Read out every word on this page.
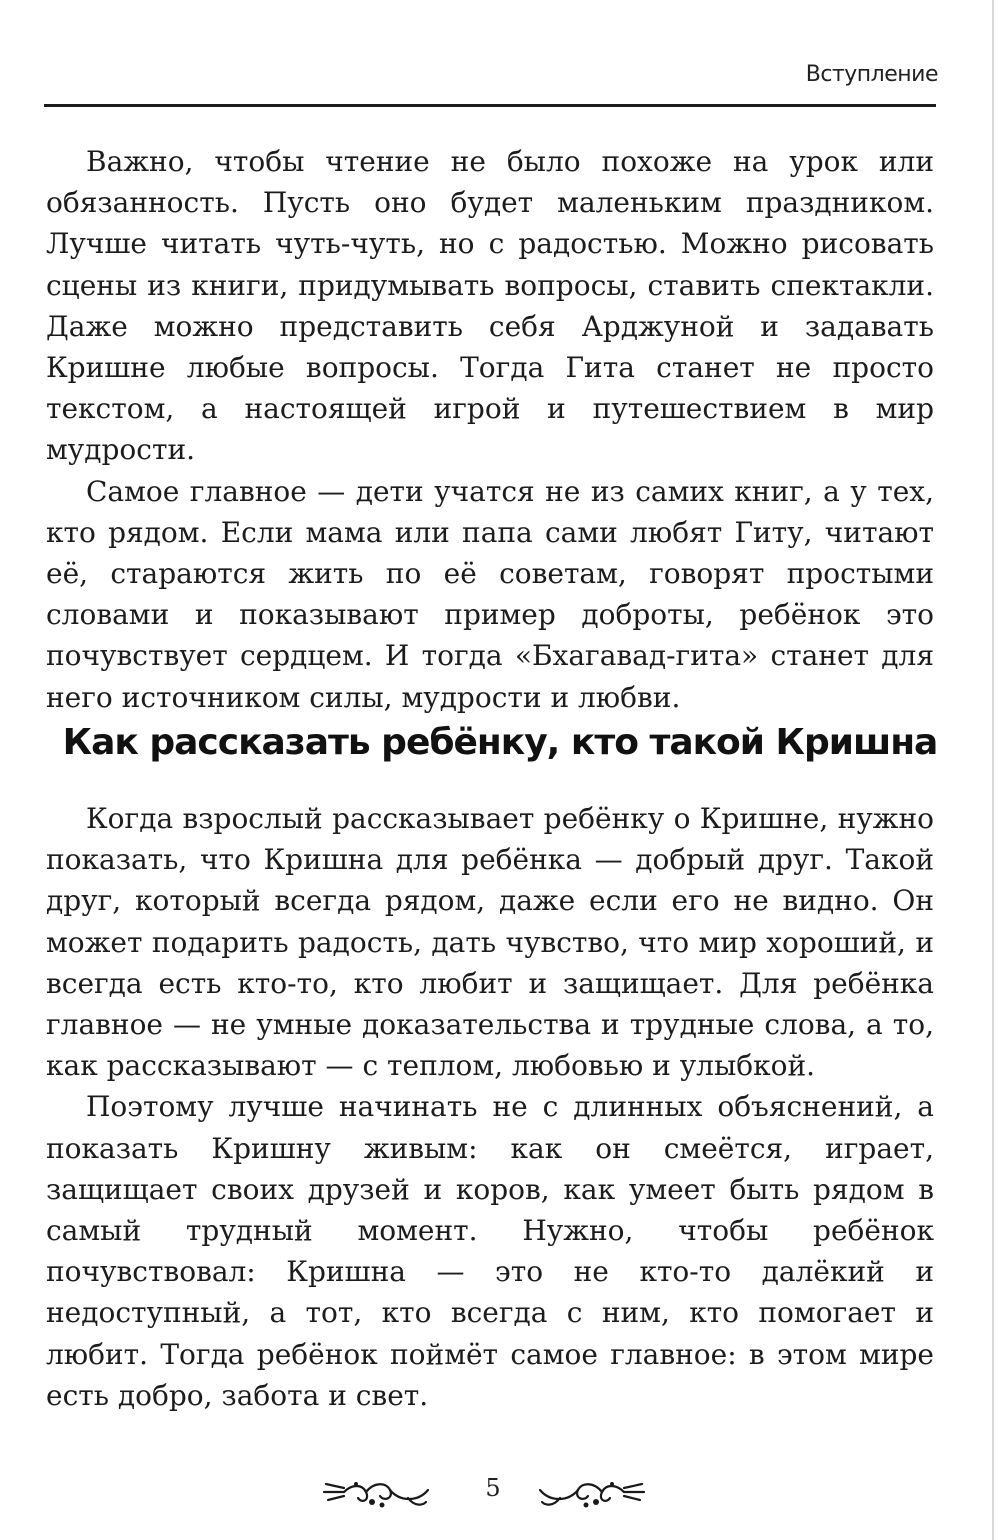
Вступление

Важно, чтобы чтение не было похоже на урок или обязанность. Пусть оно будет маленьким праздником. Лучше читать чуть-чуть, но с радостью. Можно рисовать сцены из книги, придумывать вопросы, ставить спектакли. Даже можно представить себя Арджуной и задавать Кришне любые вопросы. Тогда Гита станет не просто текстом, а настоящей игрой и путешествием в мир мудрости.

Самое главное — дети учатся не из самих книг, а у тех, кто рядом. Если мама или папа сами любят Гиту, читают её, стараются жить по её советам, говорят простыми словами и показывают пример доброты, ребёнок это почувствует сердцем. И тогда «Бхагавад-гита» станет для него источником силы, мудрости и любви.

Как рассказать ребёнку, кто такой Кришна

Когда взрослый рассказывает ребёнку о Кришне, нужно показать, что Кришна для ребёнка — добрый друг. Такой друг, который всегда рядом, даже если его не видно. Он может подарить радость, дать чувство, что мир хороший, и всегда есть кто-то, кто любит и защищает. Для ребёнка главное — не умные доказательства и трудные слова, а то, как рассказывают — с теплом, любовью и улыбкой.

Поэтому лучше начинать не с длинных объяснений, а показать Кришну живым: как он смеётся, играет, защищает своих друзей и коров, как умеет быть рядом в самый трудный момент. Нужно, чтобы ребёнок почувствовал: Кришна — это не кто-то далёкий и недоступный, а тот, кто всегда с ним, кто помогает и любит. Тогда ребёнок поймёт самое главное: в этом мире есть добро, забота и свет.

5
